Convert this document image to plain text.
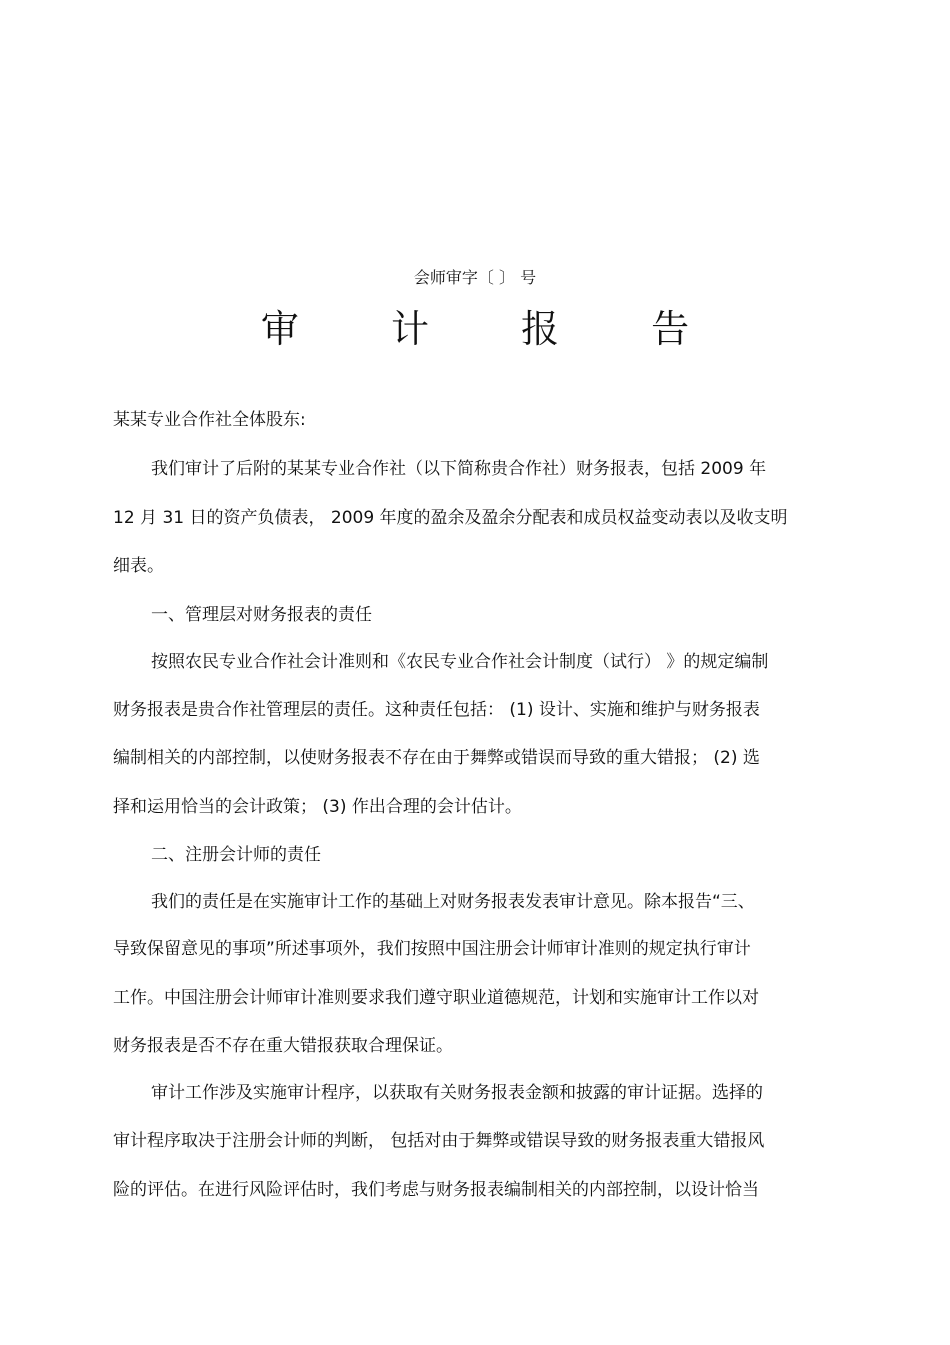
会师审字〔 〕 号
审 计 报 告
某某专业合作社全体股东:
我们审计了后附的某某专业合作社（以下简称贵合作社）财务报表，包括 2009 年
12 月 31 日的资产负债表， 2009 年度的盈余及盈余分配表和成员权益变动表以及收支明
细表。
一、管理层对财务报表的责任
按照农民专业合作社会计准则和《农民专业合作社会计制度（试行） 》的规定编制
财务报表是贵合作社管理层的责任。这种责任包括： (1) 设计、实施和维护与财务报表
编制相关的内部控制，以使财务报表不存在由于舞弊或错误而导致的重大错报； (2) 选
择和运用恰当的会计政策； (3) 作出合理的会计估计。
二、注册会计师的责任
我们的责任是在实施审计工作的基础上对财务报表发表审计意见。除本报告“三、
导致保留意见的事项”所述事项外，我们按照中国注册会计师审计准则的规定执行审计
工作。中国注册会计师审计准则要求我们遵守职业道德规范，计划和实施审计工作以对
财务报表是否不存在重大错报获取合理保证。
审计工作涉及实施审计程序，以获取有关财务报表金额和披露的审计证据。选择的
审计程序取决于注册会计师的判断， 包括对由于舞弊或错误导致的财务报表重大错报风
险的评估。在进行风险评估时，我们考虑与财务报表编制相关的内部控制，以设计恰当
